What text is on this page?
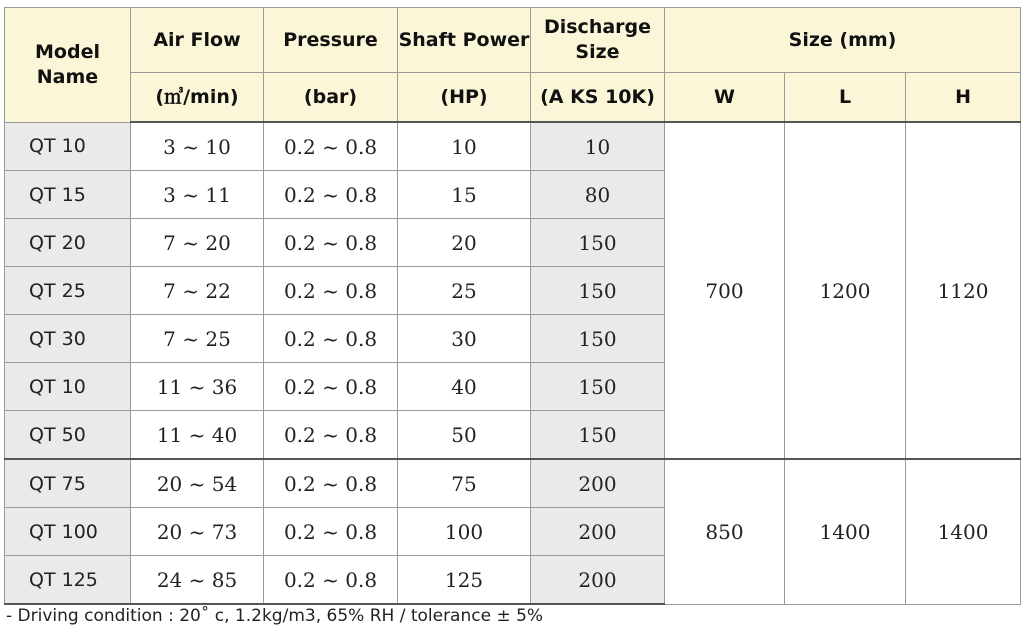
Model Name	Air Flow	Pressure	Shaft Power	Discharge Size	Size (mm)		
	(㎥/min)	(bar)	(HP)	(A KS 10K)	W	L	H
QT 10	3 ~ 10	0.2 ~ 0.8	10	10	700	1200	1120
QT 15	3 ~ 11	0.2 ~ 0.8	15	80			
QT 20	7 ~ 20	0.2 ~ 0.8	20	150			
QT 25	7 ~ 22	0.2 ~ 0.8	25	150			
QT 30	7 ~ 25	0.2 ~ 0.8	30	150			
QT 10	11 ~ 36	0.2 ~ 0.8	40	150			
QT 50	11 ~ 40	0.2 ~ 0.8	50	150			
QT 75	20 ~ 54	0.2 ~ 0.8	75	200	850	1400	1400
QT 100	20 ~ 73	0.2 ~ 0.8	100	200			
QT 125	24 ~ 85	0.2 ~ 0.8	125	200			
- Driving condition : 20˚ c, 1.2kg/m3, 65% RH / tolerance ± 5%
